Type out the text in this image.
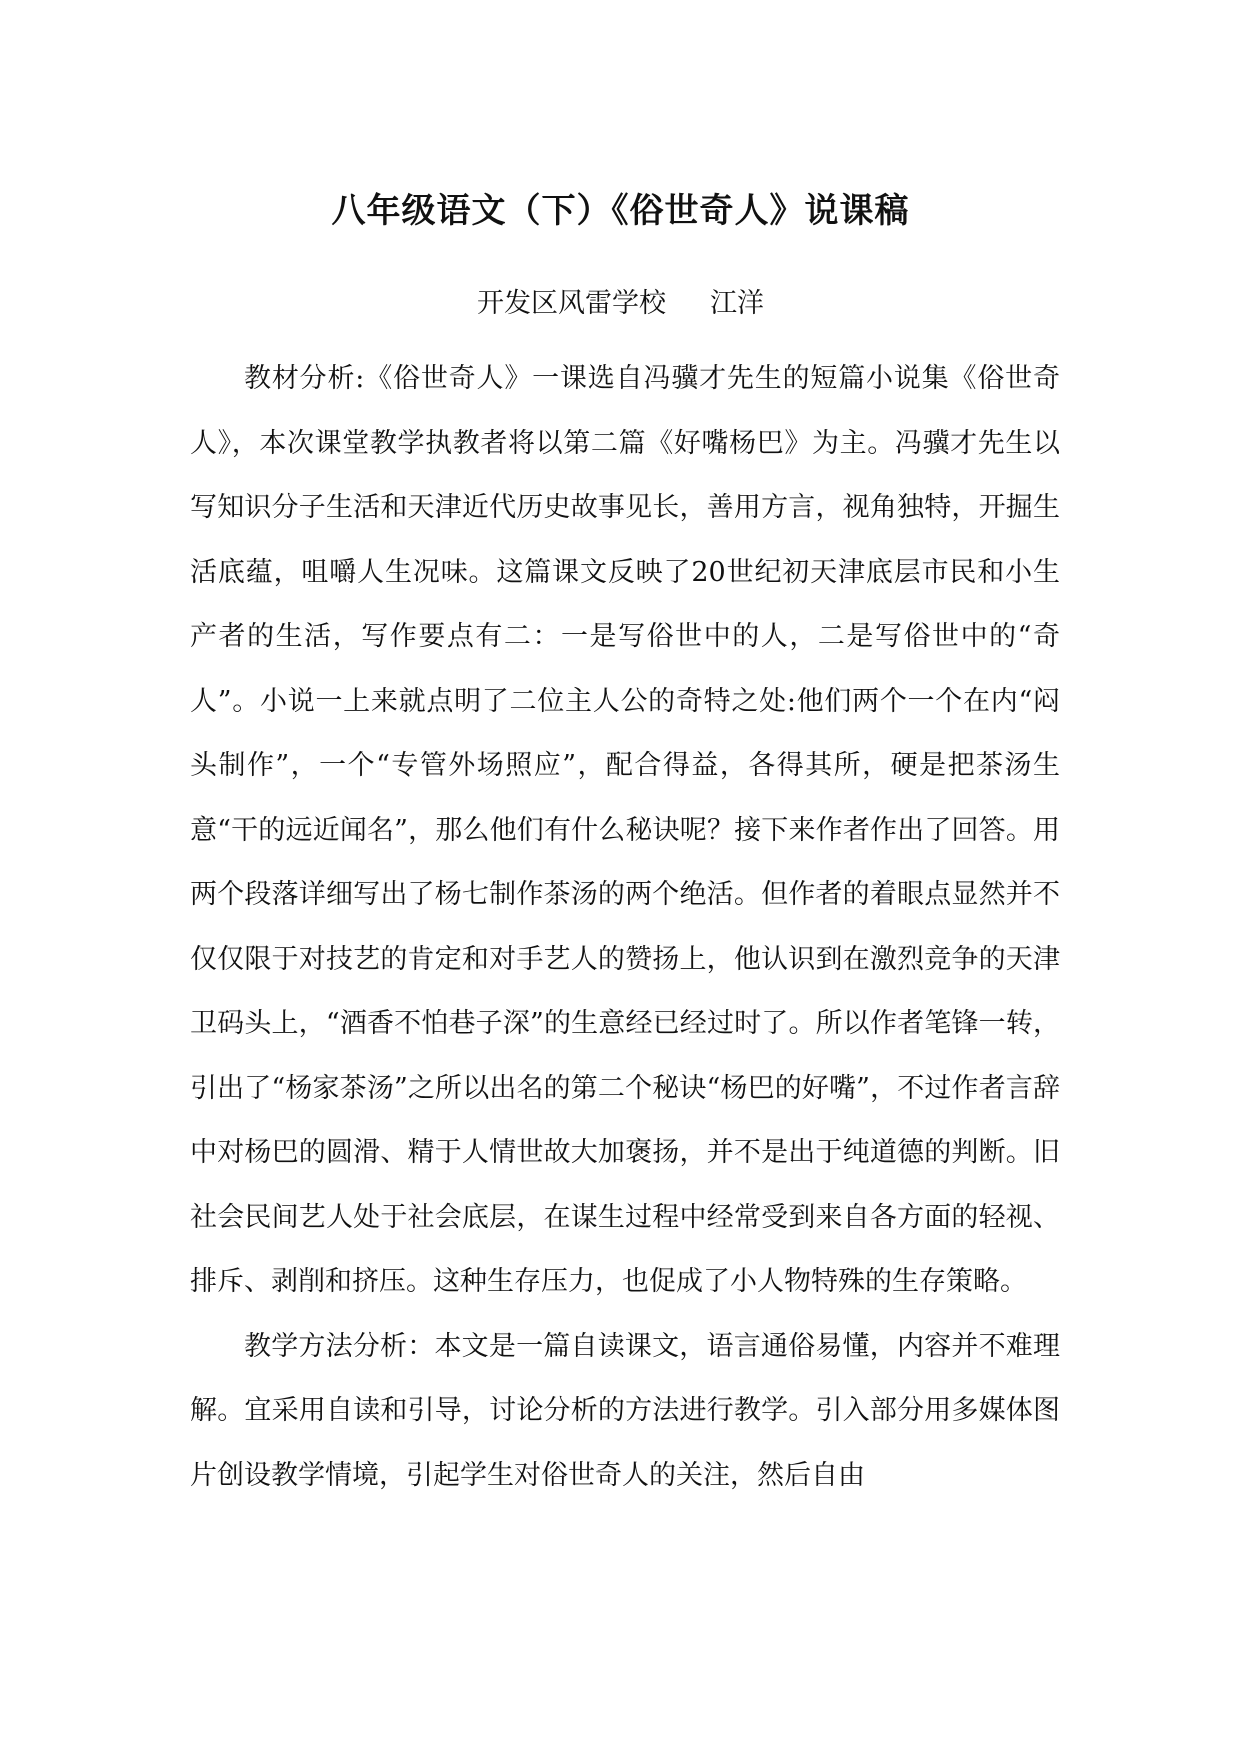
八年级语文（下）《俗世奇人》说课稿

开发区风雷学校 江洋

教材分析:《俗世奇人》一课选自冯骥才先生的短篇小说集《俗世奇人》，本次课堂教学执教者将以第二篇《好嘴杨巴》为主。冯骥才先生以写知识分子生活和天津近代历史故事见长，善用方言，视角独特，开掘生活底蕴，咀嚼人生况味。这篇课文反映了20世纪初天津底层市民和小生产者的生活，写作要点有二：一是写俗世中的人，二是写俗世中的“奇人”。小说一上来就点明了二位主人公的奇特之处:他们两个一个在内“闷头制作”，一个“专管外场照应”，配合得益，各得其所，硬是把茶汤生意“干的远近闻名”，那么他们有什么秘诀呢？接下来作者作出了回答。用两个段落详细写出了杨七制作茶汤的两个绝活。但作者的着眼点显然并不仅仅限于对技艺的肯定和对手艺人的赞扬上，他认识到在激烈竞争的天津卫码头上，“酒香不怕巷子深”的生意经已经过时了。所以作者笔锋一转，引出了“杨家茶汤”之所以出名的第二个秘诀“杨巴的好嘴”，不过作者言辞中对杨巴的圆滑、精于人情世故大加褒扬，并不是出于纯道德的判断。旧社会民间艺人处于社会底层，在谋生过程中经常受到来自各方面的轻视、排斥、剥削和挤压。这种生存压力，也促成了小人物特殊的生存策略。

教学方法分析：本文是一篇自读课文，语言通俗易懂，内容并不难理解。宜采用自读和引导，讨论分析的方法进行教学。引入部分用多媒体图片创设教学情境，引起学生对俗世奇人的关注，然后自由
